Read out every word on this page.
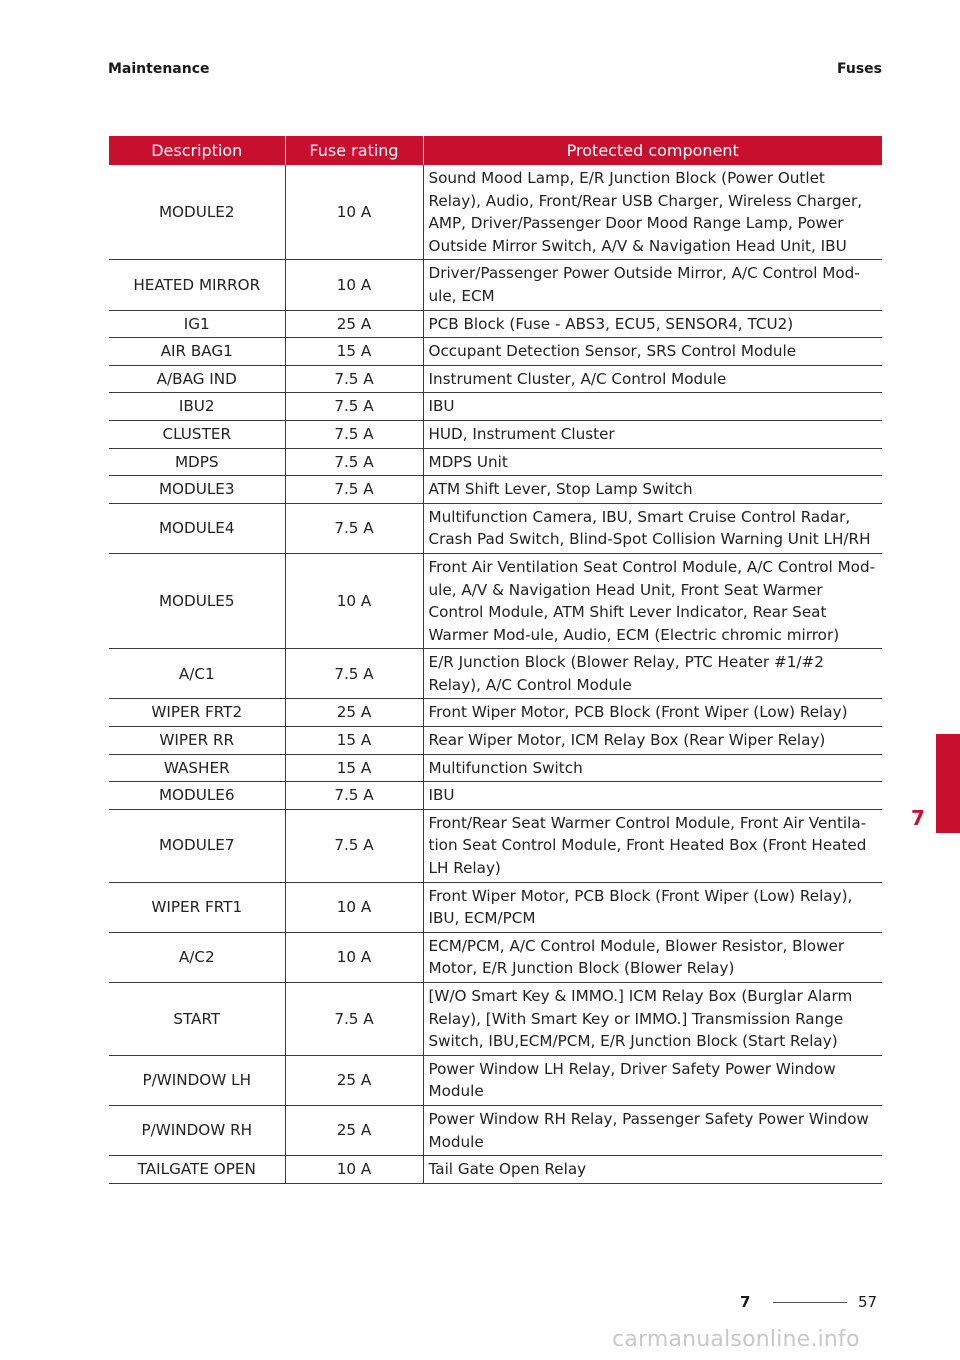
Maintenance	Fuses
Description	Fuse rating	Protected component
MODULE2	10 A	Sound Mood Lamp, E/R Junction Block (Power Outlet Relay), Audio, Front/Rear USB Charger, Wireless Charger, AMP, Driver/Passenger Door Mood Range Lamp, Power Outside Mirror Switch, A/V & Navigation Head Unit, IBU
HEATED MIRROR	10 A	Driver/Passenger Power Outside Mirror, A/C Control Mod-ule, ECM
IG1	25 A	PCB Block (Fuse - ABS3, ECU5, SENSOR4, TCU2)
AIR BAG1	15 A	Occupant Detection Sensor, SRS Control Module
A/BAG IND	7.5 A	Instrument Cluster, A/C Control Module
IBU2	7.5 A	IBU
CLUSTER	7.5 A	HUD, Instrument Cluster
MDPS	7.5 A	MDPS Unit
MODULE3	7.5 A	ATM Shift Lever, Stop Lamp Switch
MODULE4	7.5 A	Multifunction Camera, IBU, Smart Cruise Control Radar, Crash Pad Switch, Blind-Spot Collision Warning Unit LH/RH
MODULE5	10 A	Front Air Ventilation Seat Control Module, A/C Control Mod-ule, A/V & Navigation Head Unit, Front Seat Warmer Control Module, ATM Shift Lever Indicator, Rear Seat Warmer Mod-ule, Audio, ECM (Electric chromic mirror)
A/C1	7.5 A	E/R Junction Block (Blower Relay, PTC Heater #1/#2 Relay), A/C Control Module
WIPER FRT2	25 A	Front Wiper Motor, PCB Block (Front Wiper (Low) Relay)
WIPER RR	15 A	Rear Wiper Motor, ICM Relay Box (Rear Wiper Relay)
WASHER	15 A	Multifunction Switch
MODULE6	7.5 A	IBU
MODULE7	7.5 A	Front/Rear Seat Warmer Control Module, Front Air Ventila-tion Seat Control Module, Front Heated Box (Front Heated LH Relay)
WIPER FRT1	10 A	Front Wiper Motor, PCB Block (Front Wiper (Low) Relay), IBU, ECM/PCM
A/C2	10 A	ECM/PCM, A/C Control Module, Blower Resistor, Blower Motor, E/R Junction Block (Blower Relay)
START	7.5 A	[W/O Smart Key & IMMO.] ICM Relay Box (Burglar Alarm Relay), [With Smart Key or IMMO.] Transmission Range Switch, IBU,ECM/PCM, E/R Junction Block (Start Relay)
P/WINDOW LH	25 A	Power Window LH Relay, Driver Safety Power Window Module
P/WINDOW RH	25 A	Power Window RH Relay, Passenger Safety Power Window Module
TAILGATE OPEN	10 A	Tail Gate Open Relay
7
7	57
carmanualsonline.info
